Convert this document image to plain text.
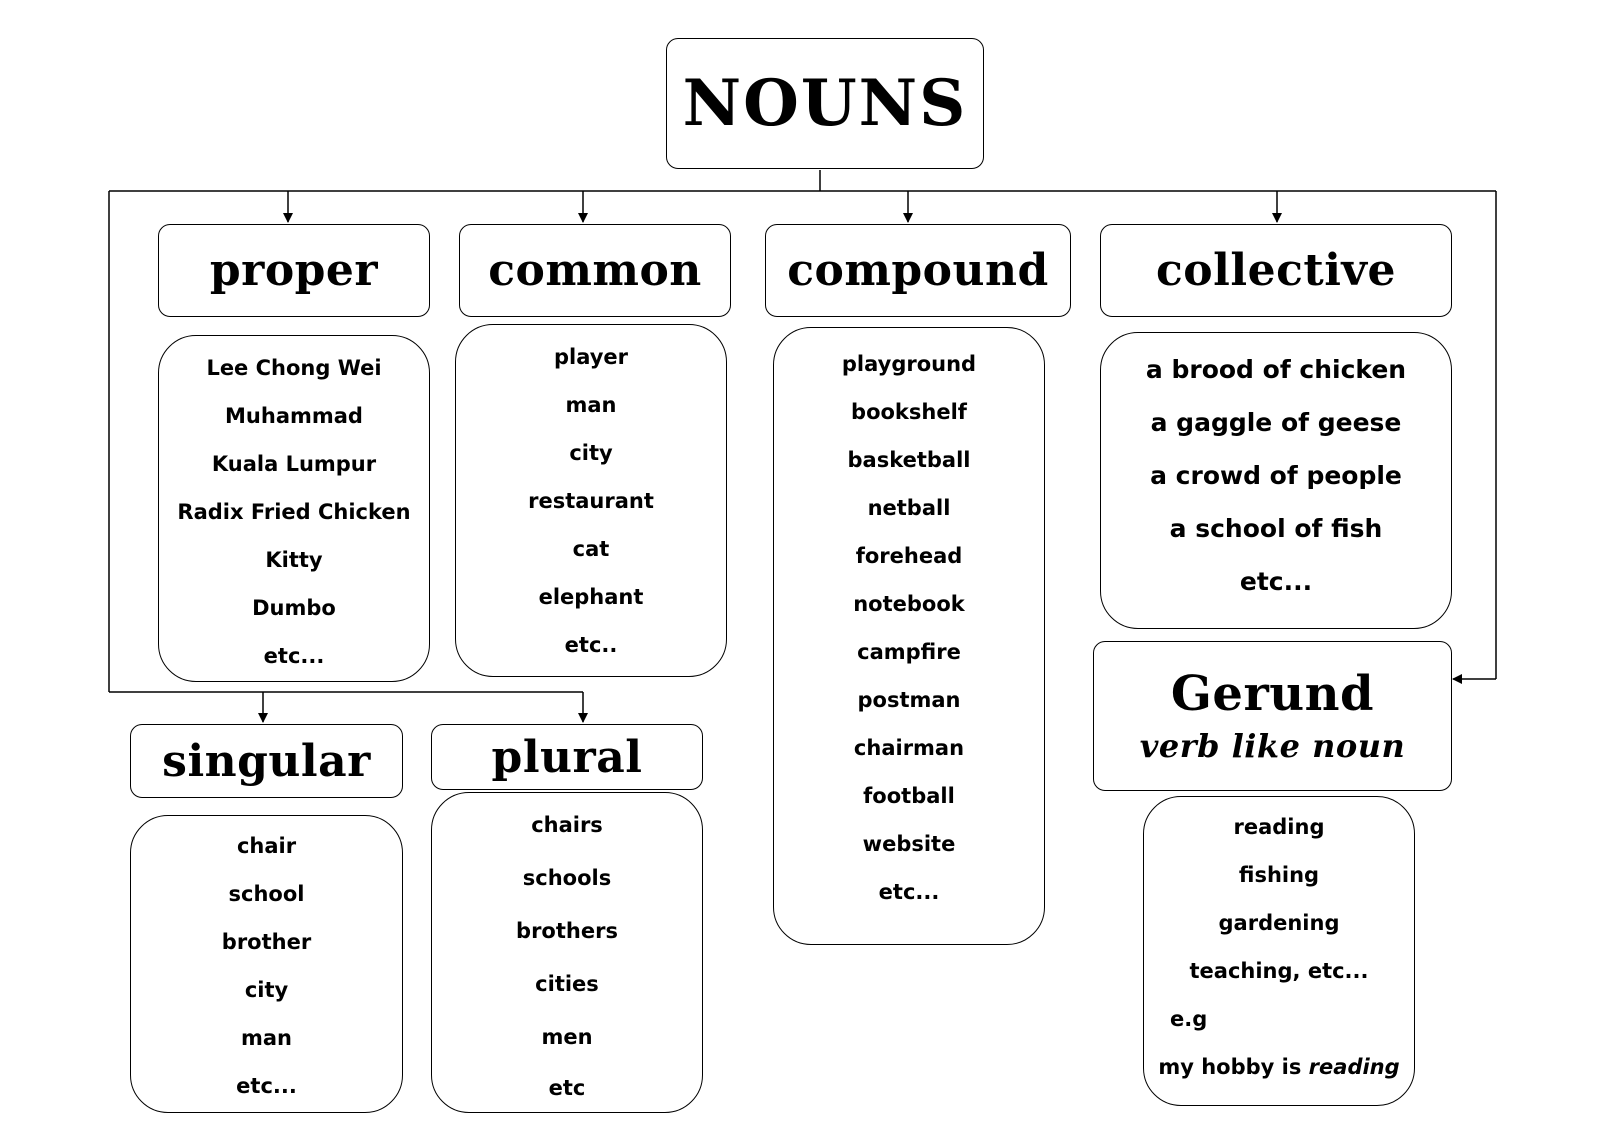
NOUNS
proper
Lee Chong Wei
Muhammad
Kuala Lumpur
Radix Fried Chicken
Kitty
Dumbo
etc...
common
player
man
city
restaurant
cat
elephant
etc..
compound
playground
bookshelf
basketball
netball
forehead
notebook
campfire
postman
chairman
football
website
etc...
collective
a brood of chicken
a gaggle of geese
a crowd of people
a school of fish
etc...
Gerund
verb like noun
reading
fishing
gardening
teaching, etc...
e.g
my hobby is reading
singular
chair
school
brother
city
man
etc...
plural
chairs
schools
brothers
cities
men
etc
